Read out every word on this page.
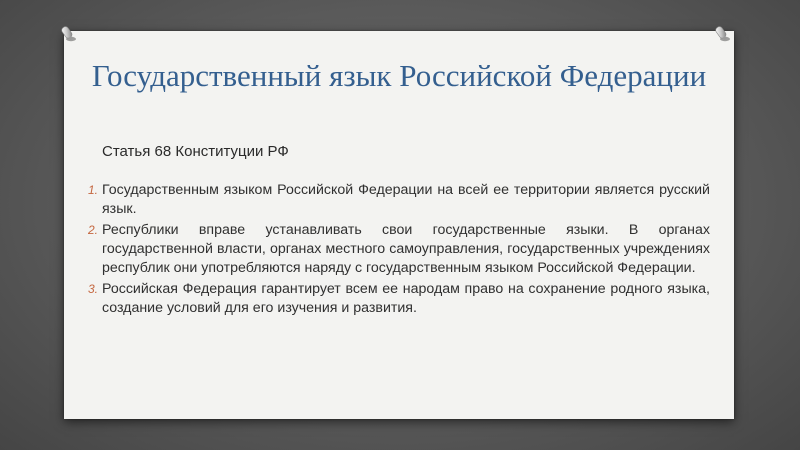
Государственный язык Российской Федерации

Статья 68 Конституции РФ

1. Государственным языком Российской Федерации на всей ее территории является русский язык.
2. Республики вправе устанавливать свои государственные языки. В органах государственной власти, органах местного самоуправления, государственных учреждениях республик они употребляются наряду с государственным языком Российской Федерации.
3. Российская Федерация гарантирует всем ее народам право на сохранение родного языка, создание условий для его изучения и развития.
